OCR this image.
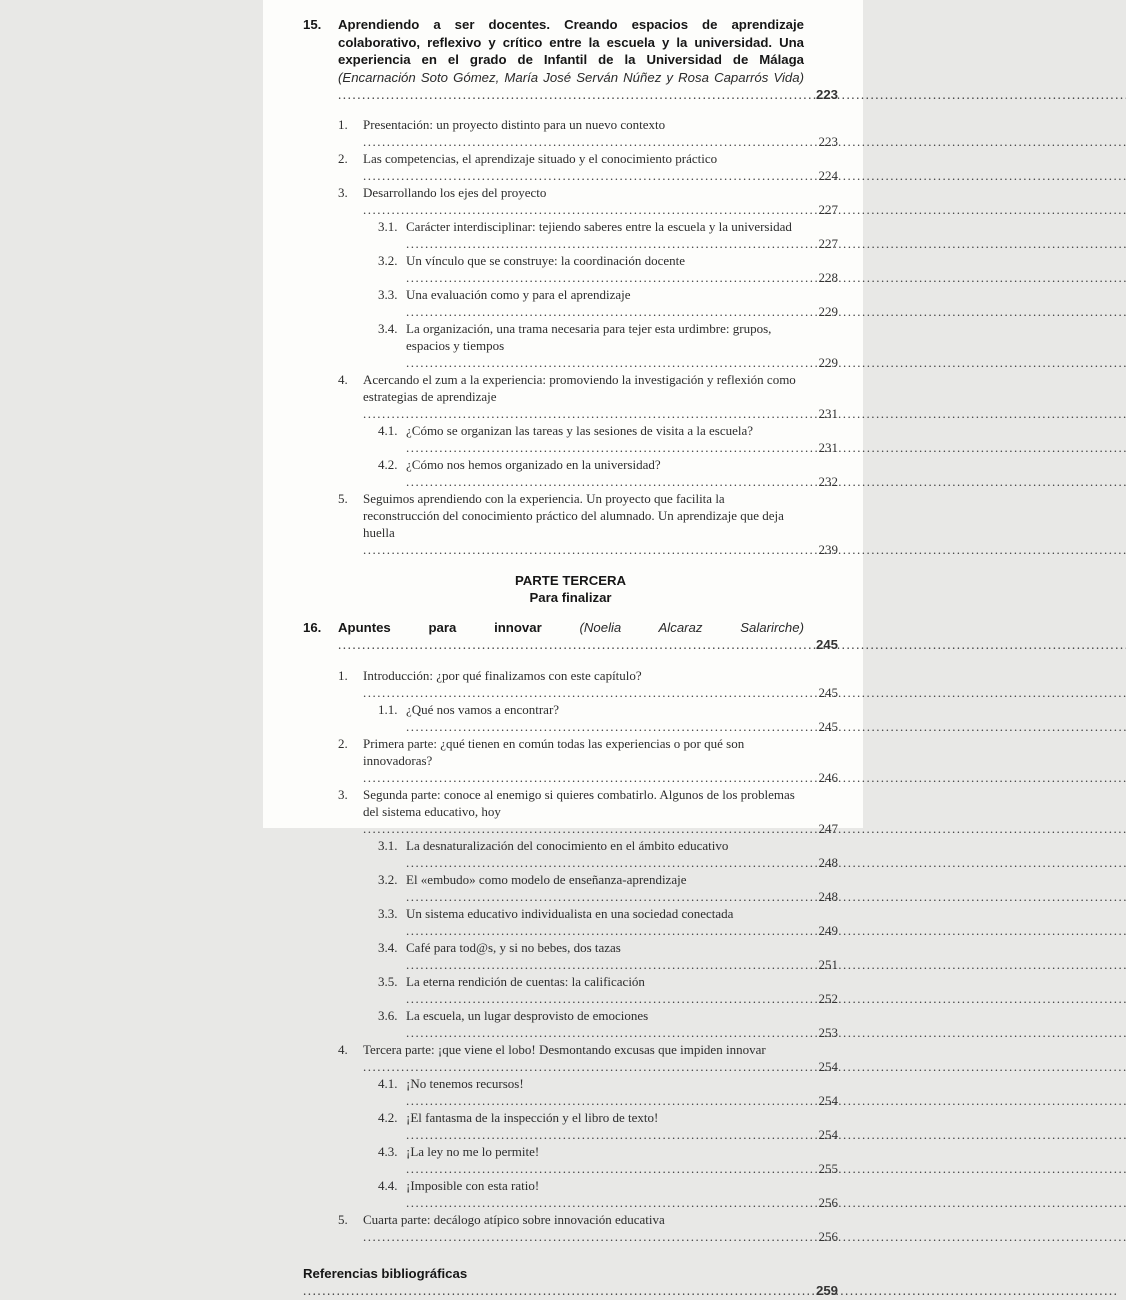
15.	Aprendiendo a ser docentes. Creando espacios de aprendizaje colaborativo, reflexivo y crítico entre la escuela y la universidad. Una experiencia en el grado de Infantil de la Universidad de Málaga (Encarnación Soto Gómez, María José Serván Núñez y Rosa Caparrós Vida) .....
223
1.	Presentación: un proyecto distinto para un nuevo contexto .....
223
2.	Las competencias, el aprendizaje situado y el conocimiento práctico .....
224
3.	Desarrollando los ejes del proyecto .....
227
3.1. Carácter interdisciplinar: tejiendo saberes entre la escuela y la universidad .....
227
3.2. Un vínculo que se construye: la coordinación docente .....
228
3.3. Una evaluación como y para el aprendizaje .....
229
3.4. La organización, una trama necesaria para tejer esta urdimbre: grupos, espacios y tiempos .....
229
4.	Acercando el zum a la experiencia: promoviendo la investigación y reflexión como estrategias de aprendizaje .....
231
4.1. ¿Cómo se organizan las tareas y las sesiones de visita a la escuela? .....
231
4.2. ¿Cómo nos hemos organizado en la universidad? .....
232
5.	Seguimos aprendiendo con la experiencia. Un proyecto que facilita la reconstrucción del conocimiento práctico del alumnado. Un aprendizaje que deja huella .....
239
PARTE TERCERA
Para finalizar
16.	Apuntes para innovar	(Noelia Alcaraz Salarirche) .....
245
1.	Introducción: ¿por qué finalizamos con este capítulo? .....
245
1.1. ¿Qué nos vamos a encontrar? .....
245
2.	Primera parte: ¿qué tienen en común todas las experiencias o por qué son innovadoras? .....
246
3.	Segunda parte: conoce al enemigo si quieres combatirlo. Algunos de los problemas del sistema educativo, hoy .....
247
3.1. La desnaturalización del conocimiento en el ámbito educativo .....
248
3.2. El «embudo» como modelo de enseñanza-aprendizaje .....
248
3.3. Un sistema educativo individualista en una sociedad conectada .....
249
3.4. Café para tod@s, y si no bebes, dos tazas .....
251
3.5. La eterna rendición de cuentas: la calificación .....
252
3.6. La escuela, un lugar desprovisto de emociones .....
253
4.	Tercera parte: ¡que viene el lobo! Desmontando excusas que impiden innovar .....
254
4.1. ¡No tenemos recursos! .....
254
4.2. ¡El fantasma de la inspección y el libro de texto! .....
254
4.3. ¡La ley no me lo permite! .....
255
4.4. ¡Imposible con esta ratio! .....
256
5.	Cuarta parte: decálogo atípico sobre innovación educativa .....
256
Referencias bibliográficas .....
259
